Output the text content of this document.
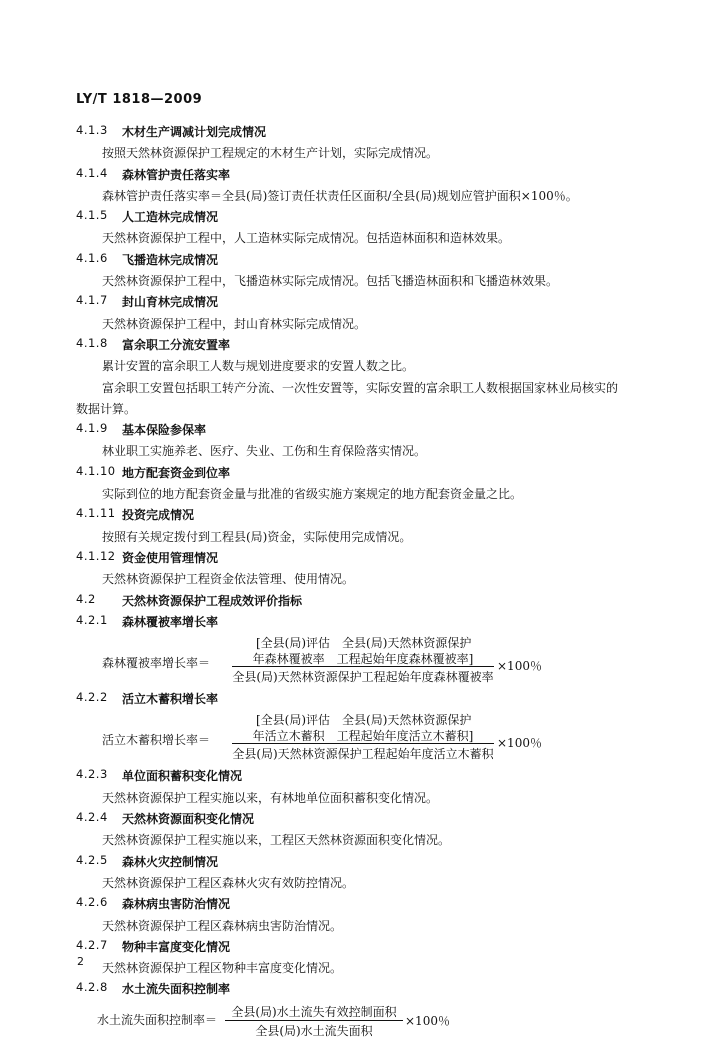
LY/T 1818—2009
4.1.3 木材生产调减计划完成情况
按照天然林资源保护工程规定的木材生产计划，实际完成情况。
4.1.4 森林管护责任落实率
森林管护责任落实率＝全县(局)签订责任状责任区面积/全县(局)规划应管护面积×100％。
4.1.5 人工造林完成情况
天然林资源保护工程中，人工造林实际完成情况。包括造林面积和造林效果。
4.1.6 飞播造林完成情况
天然林资源保护工程中，飞播造林实际完成情况。包括飞播造林面积和飞播造林效果。
4.1.7 封山育林完成情况
天然林资源保护工程中，封山育林实际完成情况。
4.1.8 富余职工分流安置率
累计安置的富余职工人数与规划进度要求的安置人数之比。
富余职工安置包括职工转产分流、一次性安置等，实际安置的富余职工人数根据国家林业局核实的
数据计算。
4.1.9 基本保险参保率
林业职工实施养老、医疗、失业、工伤和生育保险落实情况。
4.1.10 地方配套资金到位率
实际到位的地方配套资金量与批准的省级实施方案规定的地方配套资金量之比。
4.1.11 投资完成情况
按照有关规定拨付到工程县(局)资金，实际使用完成情况。
4.1.12 资金使用管理情况
天然林资源保护工程资金依法管理、使用情况。
4.2 天然林资源保护工程成效评价指标
4.2.1 森林覆被率增长率
森林覆被率增长率＝
[全县(局)评估　全县(局)天然林资源保护
年森林覆被率　工程起始年度森林覆被率]
全县(局)天然林资源保护工程起始年度森林覆被率
×100％
4.2.2 活立木蓄积增长率
活立木蓄积增长率＝
[全县(局)评估　全县(局)天然林资源保护
年活立木蓄积　工程起始年度活立木蓄积]
全县(局)天然林资源保护工程起始年度活立木蓄积
×100％
4.2.3 单位面积蓄积变化情况
天然林资源保护工程实施以来，有林地单位面积蓄积变化情况。
4.2.4 天然林资源面积变化情况
天然林资源保护工程实施以来，工程区天然林资源面积变化情况。
4.2.5 森林火灾控制情况
天然林资源保护工程区森林火灾有效防控情况。
4.2.6 森林病虫害防治情况
天然林资源保护工程区森林病虫害防治情况。
4.2.7 物种丰富度变化情况
天然林资源保护工程区物种丰富度变化情况。
4.2.8 水土流失面积控制率
水土流失面积控制率＝
全县(局)水土流失有效控制面积
全县(局)水土流失面积
×100％
2
